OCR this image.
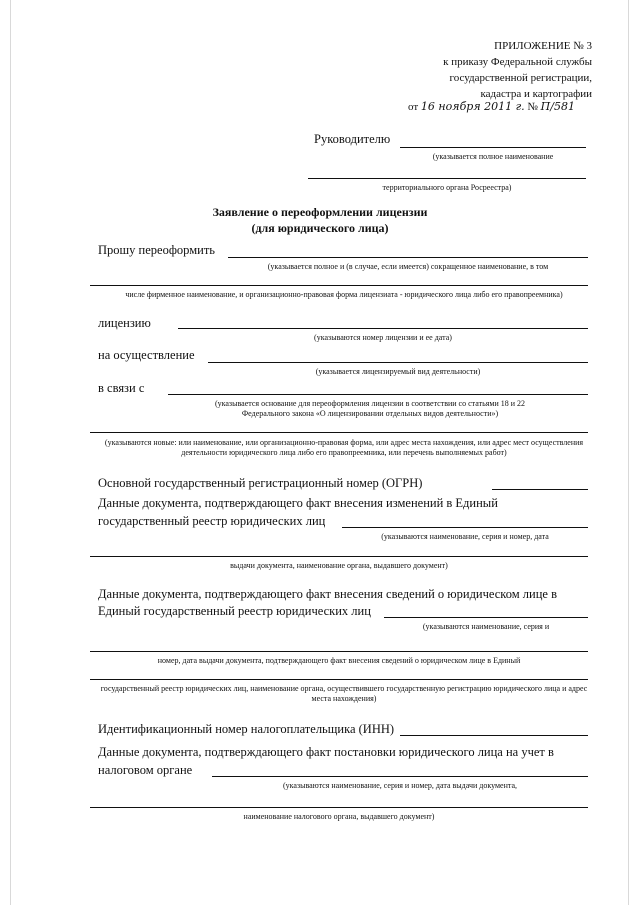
ПРИЛОЖЕНИЕ № 3
к приказу Федеральной службы
государственной регистрации,
кадастра и картографии
от 16 ноября 2011 г. № П/581
Руководителю
(указывается полное наименование
территориального органа Росреестра)
Заявление о переоформлении лицензии
(для юридического лица)
Прошу переоформить
(указывается полное и (в случае, если имеется) сокращенное наименование, в том
числе фирменное наименование, и организационно-правовая форма лицензиата - юридического лица либо его правопреемника)
лицензию
(указываются номер лицензии и ее дата)
на осуществление
(указывается лицензируемый вид деятельности)
в связи с
(указывается основание для переоформления лицензии в соответствии со статьями 18 и 22 Федерального закона «О лицензировании отдельных видов деятельности»)
(указываются новые: или наименование, или организационно-правовая форма, или адрес места нахождения, или адрес мест осуществления деятельности юридического лица либо его правопреемника, или перечень выполняемых работ)
Основной государственный регистрационный номер (ОГРН)
Данные документа, подтверждающего факт внесения изменений в Единый
государственный реестр юридических лиц
(указываются наименование, серия и номер, дата
выдачи документа, наименование органа, выдавшего документ)
Данные документа, подтверждающего факт внесения сведений о юридическом лице в
Единый государственный реестр юридических лиц
(указываются наименование, серия и
номер, дата выдачи документа, подтверждающего факт внесения сведений о юридическом лице в Единый
государственный реестр юридических лиц, наименование органа, осуществившего государственную регистрацию юридического лица и адрес места нахождения)
Идентификационный номер налогоплательщика (ИНН)
Данные документа, подтверждающего факт постановки юридического лица на учет в
налоговом органе
(указываются наименование, серия и номер, дата выдачи документа,
наименование налогового органа, выдавшего документ)
